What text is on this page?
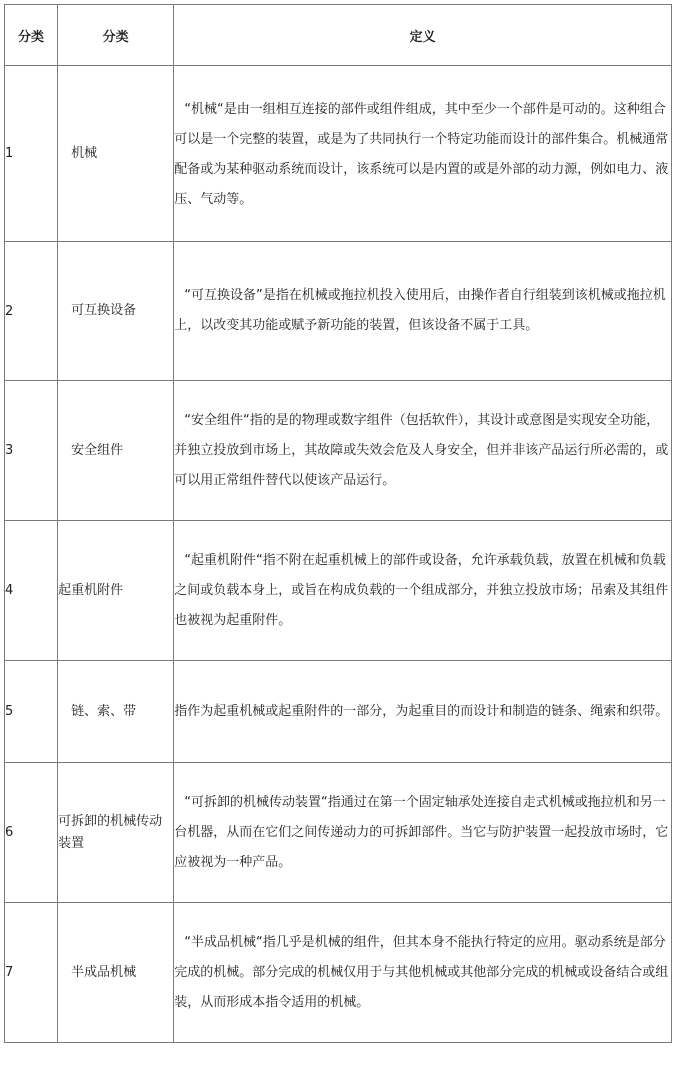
分类	分类	定义
1	机械	“机械“是由一组相互连接的部件或组件组成，其中至少一个部件是可动的。这种组合可以是一个完整的装置，或是为了共同执行一个特定功能而设计的部件集合。机械通常配备或为某种驱动系统而设计，该系统可以是内置的或是外部的动力源，例如电力、液压、气动等。

2	可互换设备	“可互换设备”是指在机械或拖拉机投入使用后，由操作者自行组装到该机械或拖拉机上，以改变其功能或赋予新功能的装置，但该设备不属于工具。

3	安全组件	“安全组件“指的是的物理或数字组件（包括软件），其设计或意图是实现安全功能，并独立投放到市场上，其故障或失效会危及人身安全，但并非该产品运行所必需的，或可以用正常组件替代以使该产品运行。

4	起重机附件	“起重机附件“指不附在起重机械上的部件或设备，允许承载负载，放置在机械和负载之间或负载本身上，或旨在构成负载的一个组成部分，并独立投放市场；吊索及其组件也被视为起重附件。

5	链、索、带	指作为起重机械或起重附件的一部分，为起重目的而设计和制造的链条、绳索和织带。

6	可拆卸的机械传动装置	“可拆卸的机械传动装置“指通过在第一个固定轴承处连接自走式机械或拖拉机和另一台机器，从而在它们之间传递动力的可拆卸部件。当它与防护装置一起投放市场时，它应被视为一种产品。

7	半成品机械	“半成品机械“指几乎是机械的组件，但其本身不能执行特定的应用。驱动系统是部分完成的机械。部分完成的机械仅用于与其他机械或其他部分完成的机械或设备结合或组装，从而形成本指令适用的机械。
